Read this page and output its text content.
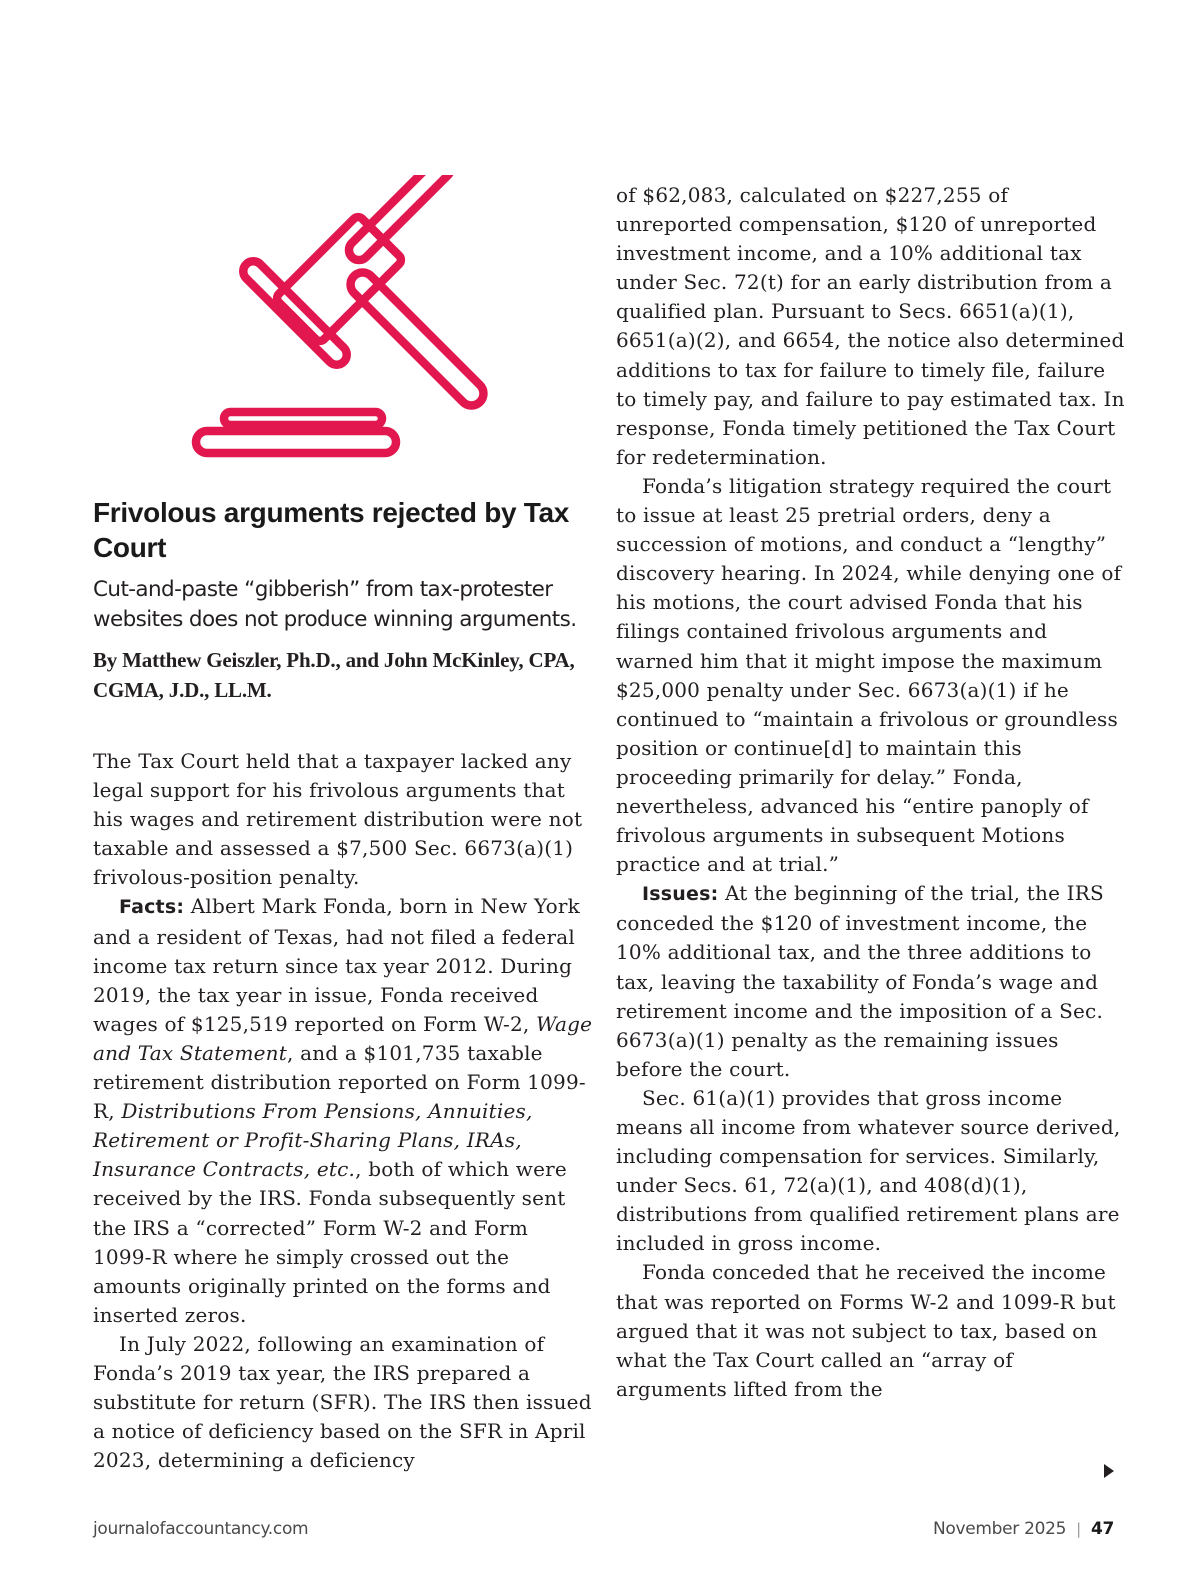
Frivolous arguments rejected by Tax Court

Cut-and-paste “gibberish” from tax-protester websites does not produce winning arguments.

By Matthew Geiszler, Ph.D., and John McKinley, CPA, CGMA, J.D., LL.M.

The Tax Court held that a taxpayer lacked any legal support for his frivolous arguments that his wages and retirement distribution were not taxable and assessed a $7,500 Sec. 6673(a)(1) frivolous-position penalty.

Facts: Albert Mark Fonda, born in New York and a resident of Texas, had not filed a federal income tax return since tax year 2012. During 2019, the tax year in issue, Fonda received wages of $125,519 reported on Form W-2, Wage and Tax Statement, and a $101,735 taxable retirement distribution reported on Form 1099-R, Distributions From Pensions, Annuities, Retirement or Profit-Sharing Plans, IRAs, Insurance Contracts, etc., both of which were received by the IRS. Fonda subsequently sent the IRS a “corrected” Form W-2 and Form 1099-R where he simply crossed out the amounts originally printed on the forms and inserted zeros.

In July 2022, following an examination of Fonda’s 2019 tax year, the IRS prepared a substitute for return (SFR). The IRS then issued a notice of deficiency based on the SFR in April 2023, determining a deficiency

of $62,083, calculated on $227,255 of unreported compensation, $120 of unreported investment income, and a 10% additional tax under Sec. 72(t) for an early distribution from a qualified plan. Pursuant to Secs. 6651(a)(1), 6651(a)(2), and 6654, the notice also determined additions to tax for failure to timely file, failure to timely pay, and failure to pay estimated tax. In response, Fonda timely petitioned the Tax Court for redetermination.

Fonda’s litigation strategy required the court to issue at least 25 pretrial orders, deny a succession of motions, and conduct a “lengthy” discovery hearing. In 2024, while denying one of his motions, the court advised Fonda that his filings contained frivolous arguments and warned him that it might impose the maximum $25,000 penalty under Sec. 6673(a)(1) if he continued to “maintain a frivolous or groundless position or continue[d] to maintain this proceeding primarily for delay.” Fonda, nevertheless, advanced his “entire panoply of frivolous arguments in subsequent Motions practice and at trial.”

Issues: At the beginning of the trial, the IRS conceded the $120 of investment income, the 10% additional tax, and the three additions to tax, leaving the taxability of Fonda’s wage and retirement income and the imposition of a Sec. 6673(a)(1) penalty as the remaining issues before the court.

Sec. 61(a)(1) provides that gross income means all income from whatever source derived, including compensation for services. Similarly, under Secs. 61, 72(a)(1), and 408(d)(1), distributions from qualified retirement plans are included in gross income.

Fonda conceded that he received the income that was reported on Forms W-2 and 1099-R but argued that it was not subject to tax, based on what the Tax Court called an “array of arguments lifted from the

journalofaccountancy.com	November 2025 | 47
